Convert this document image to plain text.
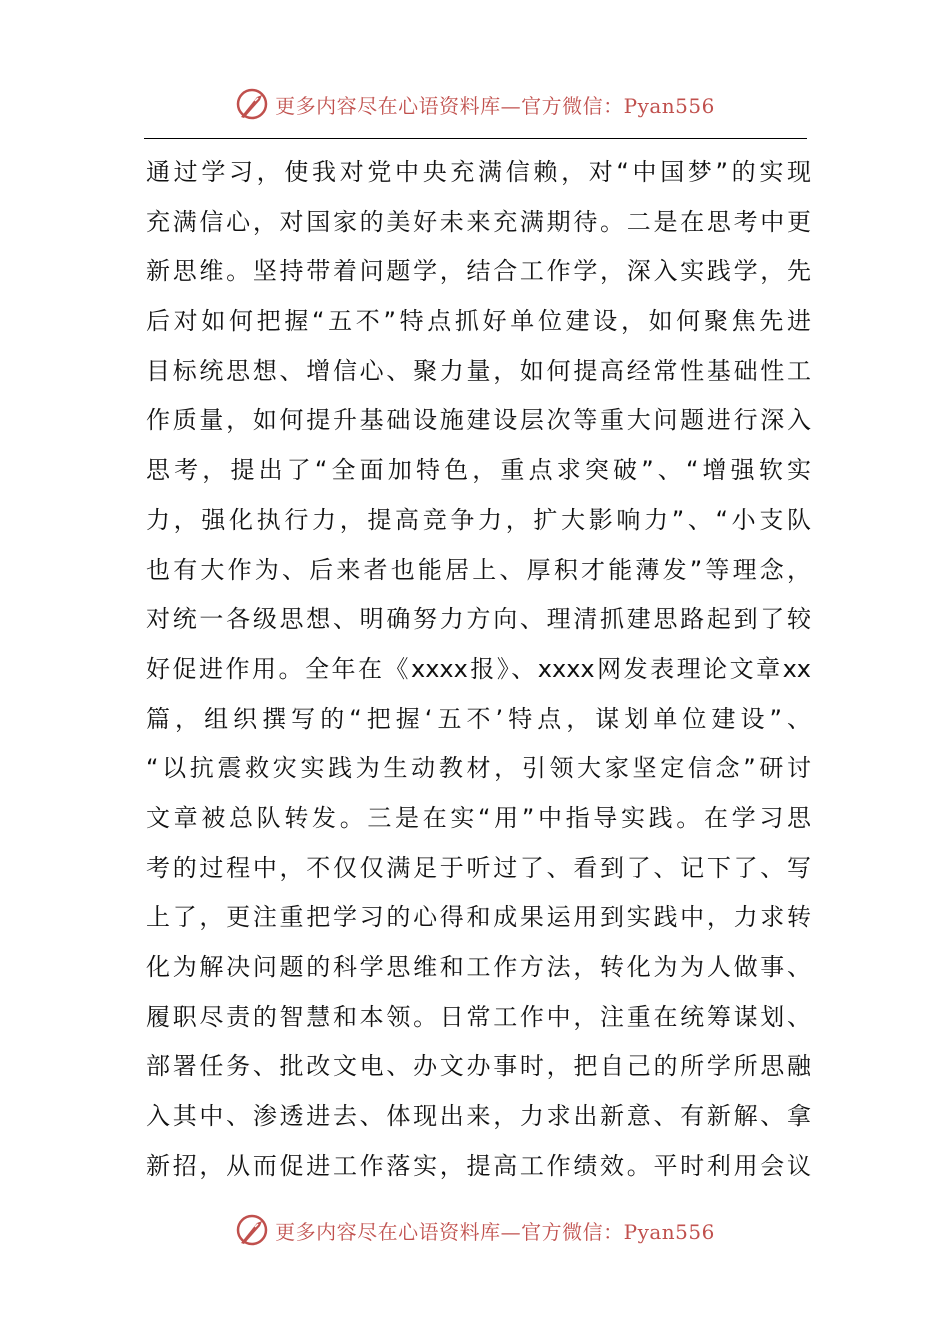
更多内容尽在心语资料库—官方微信：Pyan556
通过学习，使我对党中央充满信赖，对“中国梦”的实现
充满信心，对国家的美好未来充满期待。二是在思考中更
新思维。坚持带着问题学，结合工作学，深入实践学，先
后对如何把握“五不”特点抓好单位建设，如何聚焦先进
目标统思想、增信心、聚力量，如何提高经常性基础性工
作质量，如何提升基础设施建设层次等重大问题进行深入
思考，提出了“全面加特色，重点求突破”、“增强软实
力，强化执行力，提高竞争力，扩大影响力”、“小支队
也有大作为、后来者也能居上、厚积才能薄发”等理念，
对统一各级思想、明确努力方向、理清抓建思路起到了较
好促进作用。全年在《xxxx报》、xxxx网发表理论文章xx
篇，组织撰写的“把握‘五不’特点，谋划单位建设”、
“以抗震救灾实践为生动教材，引领大家坚定信念”研讨
文章被总队转发。三是在实“用”中指导实践。在学习思
考的过程中，不仅仅满足于听过了、看到了、记下了、写
上了，更注重把学习的心得和成果运用到实践中，力求转
化为解决问题的科学思维和工作方法，转化为为人做事、
履职尽责的智慧和本领。日常工作中，注重在统筹谋划、
部署任务、批改文电、办文办事时，把自己的所学所思融
入其中、渗透进去、体现出来，力求出新意、有新解、拿
新招，从而促进工作落实，提高工作绩效。平时利用会议
更多内容尽在心语资料库—官方微信：Pyan556
